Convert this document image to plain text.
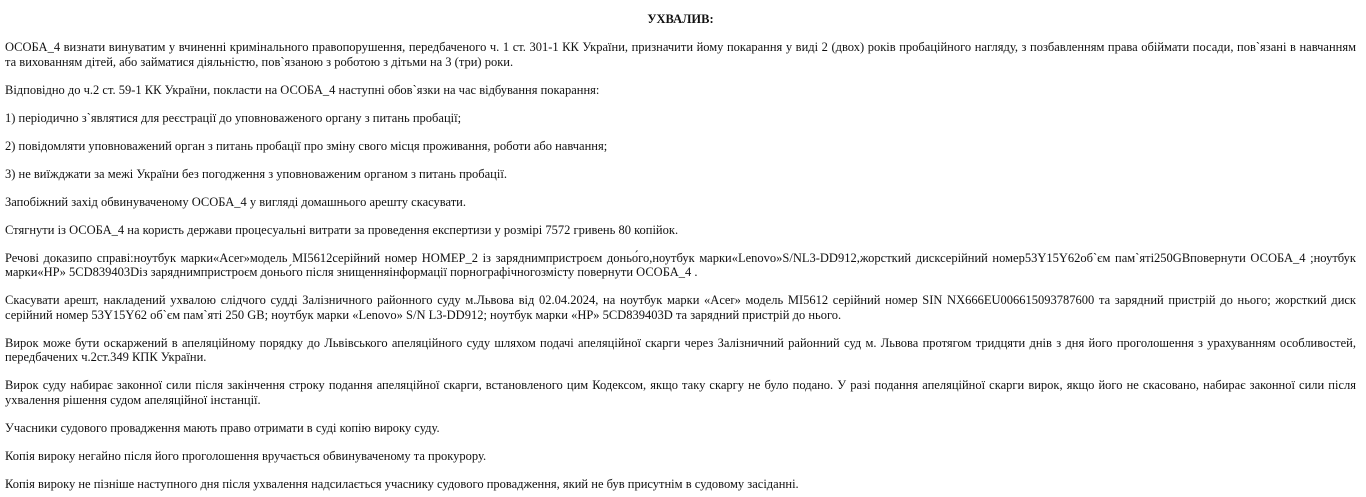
УХВАЛИВ:

ОСОБА_4 визнати винуватим у вчиненні кримінального правопорушення, передбаченого ч. 1 ст. 301-1 КК України, призначити йому покарання у виді 2 (двох) років пробаційного нагляду, з позбавленням права обіймати посади, пов`язані в навчанням та вихованням дітей, або займатися діяльністю, пов`язаною з роботою з дітьми на 3 (три) роки.

Відповідно до ч.2 ст. 59-1 КК України, покласти на ОСОБА_4 наступні обов`язки на час відбування покарання:

1) періодично з`являтися для реєстрації до уповноваженого органу з питань пробації;

2) повідомляти уповноважений орган з питань пробації про зміну свого місця проживання, роботи або навчання;

3) не виїжджати за межі України без погодження з уповноваженим органом з питань пробації.

Запобіжний захід обвинуваченому ОСОБА_4 у вигляді домашнього арешту скасувати.

Стягнути із ОСОБА_4 на користь держави процесуальні витрати за проведення експертизи у розмірі 7572 гривень 80 копійок.

Речові доказипо справі:ноутбук марки«Acer»модель MI5612серійний номер НОМЕР_2 із заряднимпристроєм доньо́го,ноутбук марки«Lenovo»S/NL3-DD912,жорсткий дисксерійний номер53Y15Y62об`єм пам`яті250GBповернути ОСОБА_4 ;ноутбук марки«HP» 5CD839403Dіз заряднимпристроєм доньо́го після знищенняінформації порнографічногозмісту повернути ОСОБА_4 .

Скасувати арешт, накладений ухвалою слідчого судді Залізничного районного суду м.Львова від 02.04.2024, на ноутбук марки «Acer» модель MI5612 серійний номер SIN NX666EU006615093787600 та зарядний пристрій до нього; жорсткий диск серійний номер 53Y15Y62 об`єм пам`яті 250 GB; ноутбук марки «Lenovo» S/N L3-DD912; ноутбук марки «HP» 5CD839403D та зарядний пристрій до нього.

Вирок може бути оскаржений в апеляційному порядку до Львівського апеляційного суду шляхом подачі апеляційної скарги через Залізничний районний суд м. Львова протягом тридцяти днів з дня його проголошення з урахуванням особливостей, передбачених ч.2ст.349 КПК України.

Вирок суду набирає законної сили після закінчення строку подання апеляційної скарги, встановленого цим Кодексом, якщо таку скаргу не було подано. У разі подання апеляційної скарги вирок, якщо його не скасовано, набирає законної сили після ухвалення рішення судом апеляційної інстанції.

Учасники судового провадження мають право отримати в суді копію вироку суду.

Копія вироку негайно після його проголошення вручається обвинуваченому та прокурору.

Копія вироку не пізніше наступного дня після ухвалення надсилається учаснику судового провадження, який не був присутнім в судовому засіданні.
